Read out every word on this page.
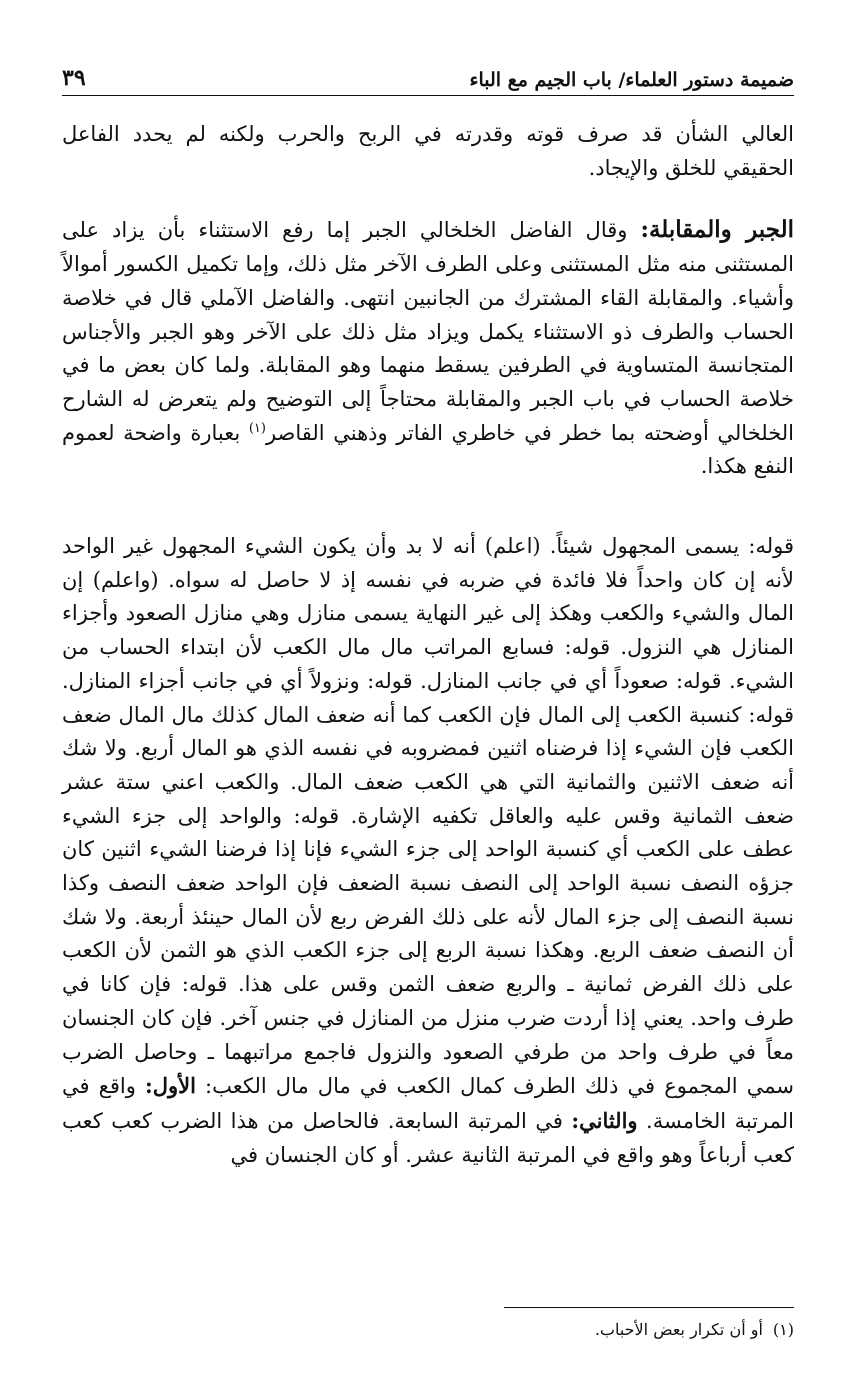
ضميمة دستور العلماء/ باب الجيم مع الباء
٣٩

العالي الشأن قد صرف قوته وقدرته في الربح والحرب ولكنه لم يحدد الفاعل الحقيقي للخلق والإيجاد.

الجبر والمقابلة: وقال الفاضل الخلخالي الجبر إما رفع الاستثناء بأن يزاد على المستثنى منه مثل المستثنى وعلى الطرف الآخر مثل ذلك، وإما تكميل الكسور أموالاً وأشياء. والمقابلة القاء المشترك من الجانبين انتهى. والفاضل الآملي قال في خلاصة الحساب والطرف ذو الاستثناء يكمل ويزاد مثل ذلك على الآخر وهو الجبر والأجناس المتجانسة المتساوية في الطرفين يسقط منهما وهو المقابلة. ولما كان بعض ما في خلاصة الحساب في باب الجبر والمقابلة محتاجاً إلى التوضيح ولم يتعرض له الشارح الخلخالي أوضحته بما خطر في خاطري الفاتر وذهني القاصر$^{(١)}$ بعبارة واضحة لعموم النفع هكذا.

قوله: يسمى المجهول شيئاً. (اعلم) أنه لا بد وأن يكون الشيء المجهول غير الواحد لأنه إن كان واحداً فلا فائدة في ضربه في نفسه إذ لا حاصل له سواه. (واعلم) إن المال والشيء والكعب وهكذ إلى غير النهاية يسمى منازل وهي منازل الصعود وأجزاء المنازل هي النزول. قوله: فسابع المراتب مال مال الكعب لأن ابتداء الحساب من الشيء. قوله: صعوداً أي في جانب المنازل. قوله: ونزولاً أي في جانب أجزاء المنازل. قوله: كنسبة الكعب إلى المال فإن الكعب كما أنه ضعف المال كذلك مال المال ضعف الكعب فإن الشيء إذا فرضناه اثنين فمضروبه في نفسه الذي هو المال أربع. ولا شك أنه ضعف الاثنين والثمانية التي هي الكعب ضعف المال. والكعب اعني ستة عشر ضعف الثمانية وقس عليه والعاقل تكفيه الإشارة. قوله: والواحد إلى جزء الشيء عطف على الكعب أي كنسبة الواحد إلى جزء الشيء فإنا إذا فرضنا الشيء اثنين كان جزؤه النصف نسبة الواحد إلى النصف نسبة الضعف فإن الواحد ضعف النصف وكذا نسبة النصف إلى جزء المال لأنه على ذلك الفرض ربع لأن المال حينئذ أربعة. ولا شك أن النصف ضعف الربع. وهكذا نسبة الربع إلى جزء الكعب الذي هو الثمن لأن الكعب على ذلك الفرض ثمانية ـ والربع ضعف الثمن وقس على هذا. قوله: فإن كانا في طرف واحد. يعني إذا أردت ضرب منزل من المنازل في جنس آخر. فإن كان الجنسان معاً في طرف واحد من طرفي الصعود والنزول فاجمع مراتبهما ـ وحاصل الضرب سمي المجموع في ذلك الطرف كمال الكعب في مال مال الكعب: الأول: واقع في المرتبة الخامسة. والثاني: في المرتبة السابعة. فالحاصل من هذا الضرب كعب كعب كعب أرباعاً وهو واقع في المرتبة الثانية عشر. أو كان الجنسان في

(١)أو أن تكرار بعض الأحباب.
